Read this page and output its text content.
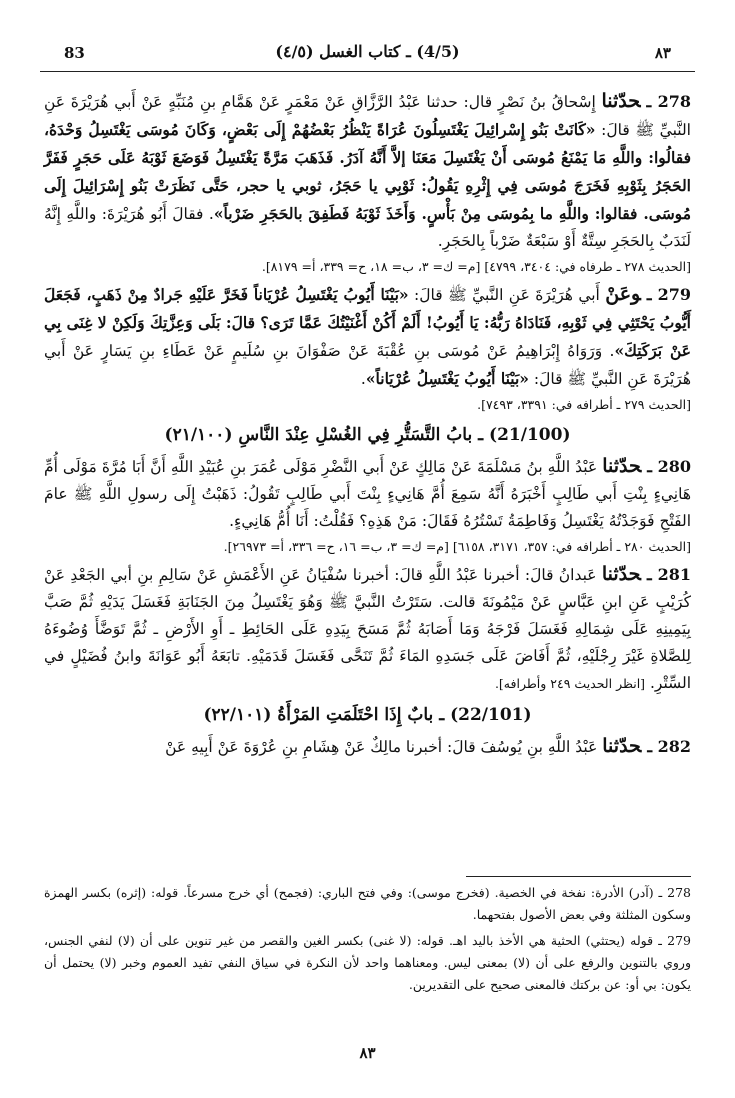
83	(4/5) ـ كتاب الغسل (٤/٥)	٨٣

278 ـحدّثنا إِسْحاقُ بنُ نَصْرٍ قال: حدثنا عَبْدُ الرَّزَّاقِ عَنْ مَعْمَرٍ عَنْ هَمَّامِ بنِ مُنَبِّهٍ عَنْ أَبي هُرَيْرَةَ عَنِ النَّبيِّ ﷺ قالَ: «كَانَتْ بَنُو إِسْرائِيلَ يَغْتَسِلُونَ عُرَاةً يَنْظُرُ بَعْضُهُمْ إِلَى بَعْضٍ، وَكَانَ مُوسَى يَغْتَسِلُ وَحْدَهُ، فقالُوا: واللَّهِ مَا يَمْنَعُ مُوسَى أَنْ يَغْتَسِلَ مَعَنَا إلاَّ أَنَّهُ آدَرُ. فَذَهَبَ مَرَّةً يَغْتَسِلُ فَوَضَعَ ثَوْبَهُ عَلَى حَجَرٍ فَفَرَّ الحَجَرُ بِثَوْبِهِ فَخَرَجَ مُوسَى فِي إِثْرِهِ يَقُولُ: ثَوْبِي يا حَجَرُ، ثوبي يا حجر، حَتَّى نَظَرَتْ بَنُو إِسْرَائِيلَ إِلَى مُوسَى. فقالوا: واللَّهِ ما بِمُوسَى مِنْ بَأْسٍ. وَأَخَذَ ثَوْبَهُ فَطَفِقَ بالحَجَرِ ضَرْباً». فقالَ أَبُو هُرَيْرَةَ: واللَّهِ إِنَّهُ لَنَدَبٌ بِالحَجَرِ سِتَّةٌ أَوْ سَبْعَةٌ ضَرْباً بِالحَجَرِ.

[الحديث ٢٧٨ ـ طرفاه في: ٣٤٠٤، ٤٧٩٩] [م= ك= ٣، ب= ١٨، ح= ٣٣٩، أ= ٨١٧٩].

279 ـوعَنْ أَبي هُرَيْرَةَ عَنِ النَّبيِّ ﷺ قالَ: «بَيْنَا أَيُوبُ يَغْتَسِلُ عُرْيَاناً فَخَرَّ عَلَيْهِ جَرادٌ مِنْ ذَهَبٍ، فَجَعَلَ أَيُّوبُ يَحْتَثِي فِي ثَوْبِهِ، فَنَادَاهُ رَبُّهُ: يَا أَيُوبُ! أَلَمْ أَكُنْ أَغْنَيْتُكَ عَمَّا تَرَى؟ قالَ: بَلَى وَعِزَّتِكَ وَلَكِنْ لا غِنَى بِي عَنْ بَرَكَتِكَ». وَرَوَاهُ إِبْرَاهِيمُ عَنْ مُوسَى بنِ عُقْبَةَ عَنْ صَفْوَانَ بنِ سُلَيمٍ عَنْ عَطَاءِ بنِ يَسَارٍ عَنْ أَبي هُرَيْرَةَ عَنِ النَّبيِّ ﷺ قالَ: «بَيْنَا أَيُوبُ يَغْتَسِلُ عُرْيَاناً».

[الحديث ٢٧٩ ـ أطرافه في: ٣٣٩١، ٧٤٩٣].

(21/100) ـ بابُ التَّسَتُّرِ فِي الغُسْلِ عِنْدَ النَّاسِ (٢١/١٠٠)

280 ـحدّثنا عَبْدُ اللَّهِ بنُ مَسْلَمَةَ عَنْ مَالِكٍ عَنْ أَبي النَّضْرِ مَوْلَى عُمَرَ بنِ عُبَيْدِ اللَّهِ أَنَّ أَبَا مُرَّةَ مَوْلَى أُمِّ هَانِيءٍ بِنْتِ أَبي طَالِبٍ أَخْبَرَهُ أَنَّهُ سَمِعَ أُمَّ هَانِيءٍ بِنْتَ أَبي طَالِبٍ تَقُولُ: ذَهَبْتُ إِلَى رسولِ اللَّهِ ﷺ عامَ الفَتْحِ فَوَجَدْتُهُ يَغْتَسِلُ وَفَاطِمَةُ تَسْتُرُهُ فَقَالَ: مَنْ هَذِهِ؟ فَقُلْتُ: أَنَا أُمُّ هَانِيءٍ.

[الحديث ٢٨٠ ـ أطرافه في: ٣٥٧، ٣١٧١، ٦١٥٨] [م= ك= ٣، ب= ١٦، ح= ٣٣٦، أ= ٢٦٩٧٣].

281 ـحدّثنا عَبدانُ قالَ: أخبرنا عَبْدُ اللَّهِ قالَ: أخبرنا سُفْيَانُ عَنِ الأَعْمَشِ عَنْ سَالِمِ بنِ أبي الجَعْدِ عَنْ كُرَيْبٍ عَنِ ابنِ عَبَّاسٍ عَنْ مَيْمُونَةَ قالت. سَتَرْتُ النَّبيَّ ﷺ وَهُوَ يَغْتَسِلُ مِنَ الجَنَابَةِ فَغَسَلَ يَدَيْهِ ثُمَّ صَبَّ بِيَمِينِهِ عَلَى شِمَالِهِ فَغَسَلَ فَرْجَهُ وَمَا أَصَابَهُ ثُمَّ مَسَحَ بِيَدِهِ عَلَى الحَائِطِ ـ أَوِ الأَرْضِ ـ ثُمَّ تَوَضَّأَ وُضُوءَهُ لِلصَّلاةِ غَيْرَ رِجْلَيْهِ، ثُمَّ أَفَاضَ عَلَى جَسَدِهِ المَاءَ ثُمَّ تَنَحَّى فَغَسَلَ قَدَمَيْهِ. تابَعَهُ أَبُو عَوَانَةَ وابنُ فُضَيْلٍ في السِّتْرِ. [انظر الحديث ٢٤٩ وأطرافه].

(22/101) ـ بابٌ إِذَا احْتَلَمَتِ المَرْأَةُ (٢٢/١٠١)

282 ـحدّثنا عَبْدُ اللَّهِ بنِ يُوسُفَ قالَ: أخبرنا مالِكٌ عَنْ هِشَامِ بنِ عُرْوَةَ عَنْ أَبِيهِ عَنْ

278 ـ (آدر) الأدرة: نفخة في الخصية. (فخرج موسى): وفي فتح الباري: (فجمح) أي خرج مسرعاً. قوله: (إثره) بكسر الهمزة وسكون المثلثة وفي بعض الأصول بفتحهما.

279 ـ قوله (يحتثي) الحثية هي الأخذ باليد اهـ. قوله: (لا غنى) بكسر الغين والقصر من غير تنوين على أن (لا) لنفي الجنس، وروي بالتنوين والرفع على أن (لا) بمعنى ليس. ومعناهما واحد لأن النكرة في سياق النفي تفيد العموم وخبر (لا) يحتمل أن يكون: بي أو: عن بركتك فالمعنى صحيح على التقديرين.

٨٣
